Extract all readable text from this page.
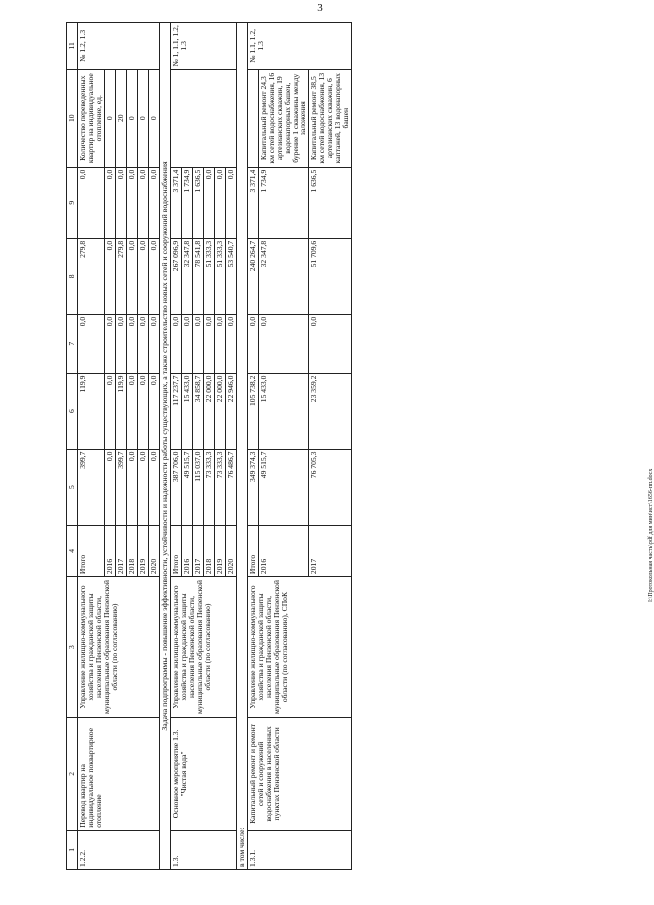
3
1	2	3	4	5	6	7	8	9	10	11
1.2.2.	Перевод квартир на индивидуальное поквартирное отопление	Управление жилищно-коммунального хозяйства и гражданской защиты населения Пензенской области, муниципальные образования Пензенской области (по согласованию)	Итого	399,7	119,9	0,0	279,8	0,0	Количество переведенных квартир на индивидуальное отопление, ед.	№ 1.2, 1.3
			2016	0,0	0,0	0,0	0,0	0,0	0	
			2017	399,7	119,9	0,0	279,8	0,0	20	
			2018	0,0	0,0	0,0	0,0	0,0	0	
			2019	0,0	0,0	0,0	0,0	0,0	0	
			2020	0,0	0,0	0,0	0,0	0,0	0	
Задача подпрограммы - повышение эффективности, устойчивости и надежности работы существующих, а также строительство новых сетей и сооружений водоснабжения										
1.3.	Основное мероприятие 1.3. "Чистая вода"	Управление жилищно-коммунального хозяйства и гражданской защиты населения Пензенской области, муниципальные образования Пензенской области (по согласованию)	Итого	387 706,0	117 237,7	0,0	267 096,9	3 371,4		№ 1, 1.1, 1.2, 1.3
			2016	49 515,7	15 433,0	0,0	32 347,8	1 734,9		
			2017	115 037,0	34 858,7	0,0	78 541,8	1 636,5		
			2018	73 333,3	22 000,0	0,0	51 333,3	0,0		
			2019	73 333,3	22 000,0	0,0	51 333,3	0,0		
			2020	76 486,7	22 946,0	0,0	53 540,7	0,0		
в том числе:										
1.3.1.	Капитальный ремонт и ремонт сетей и сооружений водоснабжения в населенных пунктах Пензенской области	Управление жилищно-коммунального хозяйства и гражданской защиты населения Пензенской области, муниципальные образования Пензенской области (по согласованию), СПоК	Итого	349 374,3	105 738,2	0,0	240 264,7	3 371,4		№ 1.1, 1.2, 1.3
			2016	49 515,7	15 433,0	0,0	32 347,8	1 734,9	Капитальный ремонт 24,3 км сетей водоснабжения, 16 артезианских скважин, 19 водонапорных башен, бурение 1 скважины между заложения	
			2017	76 705,3	23 359,2	0,0	51 709,6	1 636,5	Капитальный ремонт 38,5 км сетей водоснабжения, 13 артезианских скважин, 6 каптажей, 13 водонапорных башен	
I:\Протокольная часть\pdf для мин\ист\1656-пп.docx
